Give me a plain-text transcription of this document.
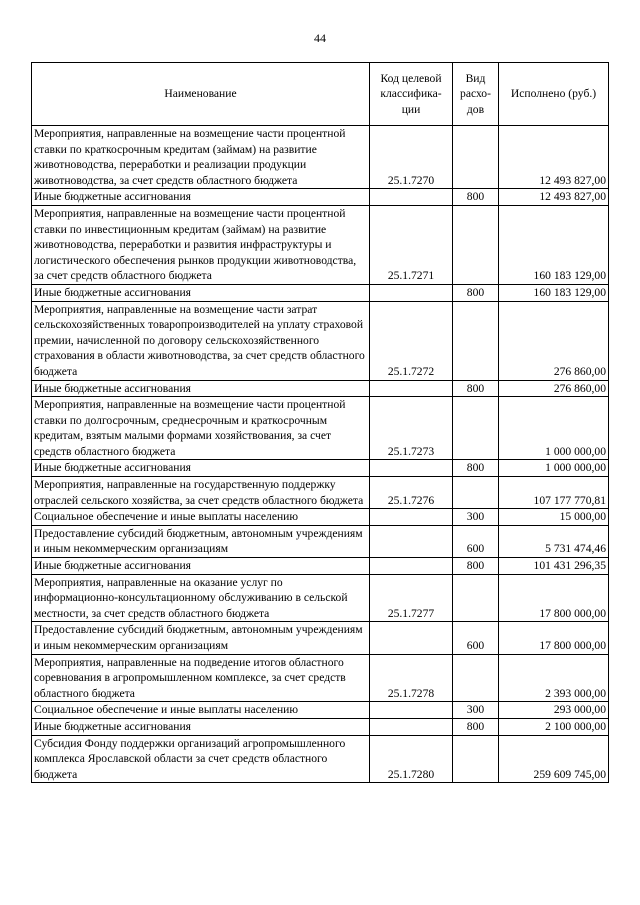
44
Наименование	Код целевой классифика-ции	Вид расхо-дов	Исполнено (руб.)
Мероприятия, направленные на возмещение части процентной ставки по краткосрочным кредитам (займам) на развитие животноводства, переработки и реализации продукции животноводства, за счет средств областного бюджета	25.1.7270		12 493 827,00
Иные бюджетные ассигнования		800	12 493 827,00
Мероприятия, направленные на возмещение части процентной ставки по инвестиционным кредитам (займам) на развитие животноводства, переработки и развития инфраструктуры и логистического обеспечения рынков продукции животноводства, за счет средств областного бюджета	25.1.7271		160 183 129,00
Иные бюджетные ассигнования		800	160 183 129,00
Мероприятия, направленные на возмещение части затрат сельскохозяйственных товаропроизводителей на уплату страховой премии, начисленной по договору сельскохозяйственного страхования в области животноводства, за счет средств областного бюджета	25.1.7272		276 860,00
Иные бюджетные ассигнования		800	276 860,00
Мероприятия, направленные на возмещение части процентной ставки по долгосрочным, среднесрочным и краткосрочным кредитам, взятым малыми формами хозяйствования, за счет средств областного бюджета	25.1.7273		1 000 000,00
Иные бюджетные ассигнования		800	1 000 000,00
Мероприятия, направленные на государственную поддержку отраслей сельского хозяйства, за счет средств областного бюджета	25.1.7276		107 177 770,81
Социальное обеспечение и иные выплаты населению		300	15 000,00
Предоставление субсидий бюджетным, автономным учреждениям и иным некоммерческим организациям		600	5 731 474,46
Иные бюджетные ассигнования		800	101 431 296,35
Мероприятия, направленные на оказание услуг по информационно-консультационному обслуживанию в сельской местности, за счет средств областного бюджета	25.1.7277		17 800 000,00
Предоставление субсидий бюджетным, автономным учреждениям и иным некоммерческим организациям		600	17 800 000,00
Мероприятия, направленные на подведение итогов областного соревнования в агропромышленном комплексе, за счет средств областного бюджета	25.1.7278		2 393 000,00
Социальное обеспечение и иные выплаты населению		300	293 000,00
Иные бюджетные ассигнования		800	2 100 000,00
Субсидия Фонду поддержки организаций агропромышленного комплекса Ярославской области за счет средств областного бюджета	25.1.7280		259 609 745,00
